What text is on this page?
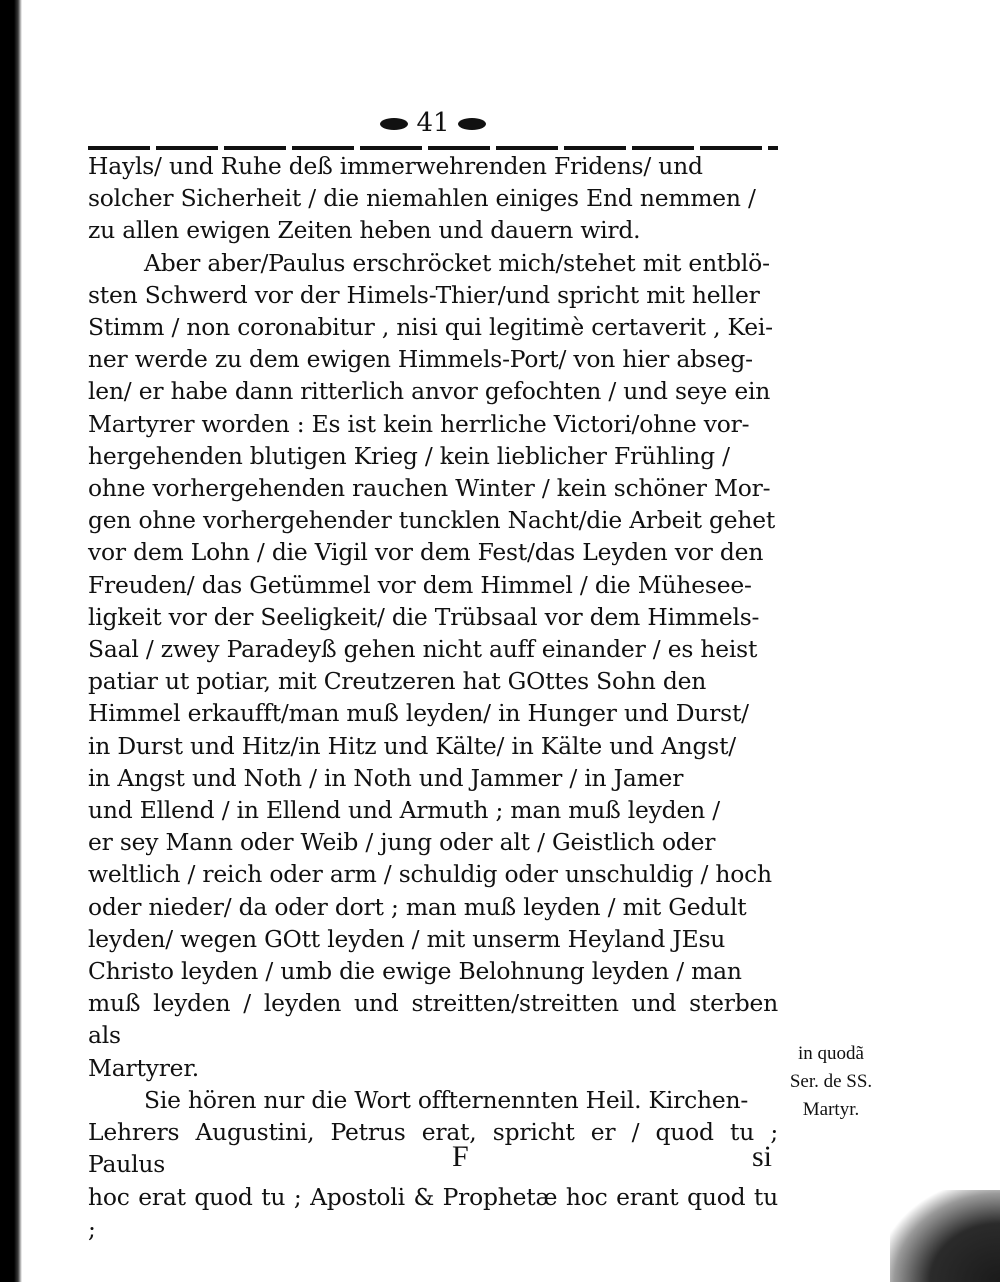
41

Hayls/ und Ruhe deß immerwehrenden Fridens/ und

solcher Sicherheit / die niemahlen einiges End nemmen /

zu allen ewigen Zeiten heben und dauern wird.

Aber aber/Paulus erschröcket mich/stehet mit entblö-

sten Schwerd vor der Himels-Thier/und spricht mit heller

Stimm / non coronabitur , nisi qui legitimè certaverit , Kei-

ner werde zu dem ewigen Himmels-Port/ von hier abseg-

len/ er habe dann ritterlich anvor gefochten / und seye ein

Martyrer worden : Es ist kein herrliche Victori/ohne vor-

hergehenden blutigen Krieg / kein lieblicher Frühling /

ohne vorhergehenden rauchen Winter / kein schöner Mor-

gen ohne vorhergehender tuncklen Nacht/die Arbeit gehet

vor dem Lohn / die Vigil vor dem Fest/das Leyden vor den

Freuden/ das Getümmel vor dem Himmel / die Mühesee-

ligkeit vor der Seeligkeit/ die Trübsaal vor dem Himmels-

Saal / zwey Paradeyß gehen nicht auff einander / es heist

patiar ut potiar, mit Creutzeren hat GOttes Sohn den

Himmel erkaufft/man muß leyden/ in Hunger und Durst/

in Durst und Hitz/in Hitz und Kälte/ in Kälte und Angst/

in Angst und Noth / in Noth und Jammer / in Jamer

und Ellend / in Ellend und Armuth ; man muß leyden /

er sey Mann oder Weib / jung oder alt / Geistlich oder

weltlich / reich oder arm / schuldig oder unschuldig / hoch

oder nieder/ da oder dort ; man muß leyden / mit Gedult

leyden/ wegen GOtt leyden / mit unserm Heyland JEsu

Christo leyden / umb die ewige Belohnung leyden / man

muß leyden / leyden und streitten/streitten und sterben als

Martyrer.

Sie hören nur die Wort offternennten Heil. Kirchen-

Lehrers Augustini, Petrus erat, spricht er / quod tu ; Paulus

hoc erat quod tu ; Apostoli & Prophetæ hoc erant quod tu ;

in quodã
Ser. de SS.
Martyr.
F	si
